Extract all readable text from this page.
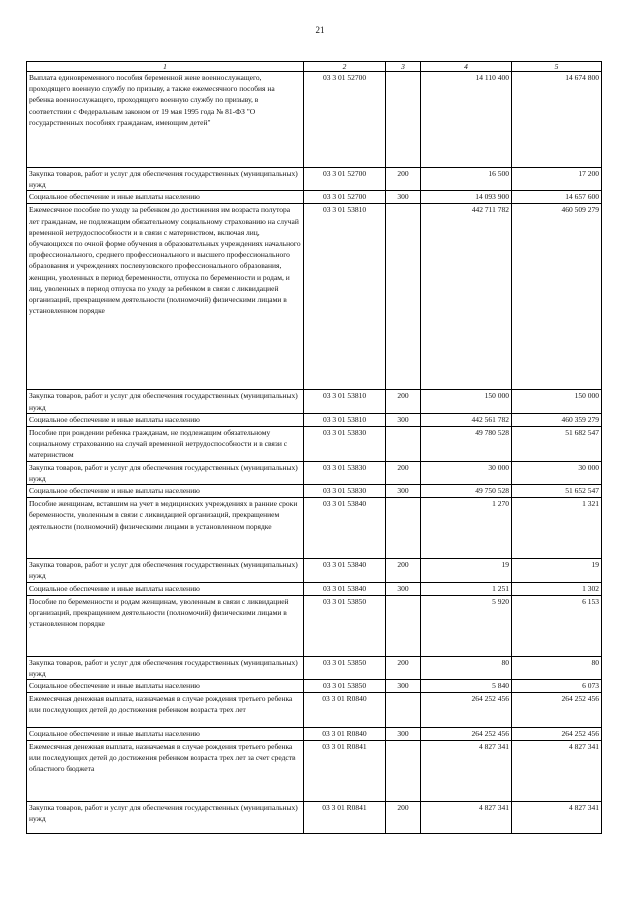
21
1	2	3	4	5
Выплата единовременного пособия беременной жене военнослужащего, проходящего военную службу по призыву, а также ежемесячного пособия на ребенка военнослужащего, проходящего военную службу по призыву, в соответствии с Федеральным законом от 19 мая 1995 года № 81-ФЗ "О государственных пособиях гражданам, имеющим детей"	03 3 01 52700		14 110 400	14 674 800
Закупка товаров, работ и услуг для обеспечения государственных (муниципальных) нужд	03 3 01 52700	200	16 500	17 200
Социальное обеспечение и иные выплаты населению	03 3 01 52700	300	14 093 900	14 657 600
Ежемесячное пособие по уходу за ребенком до достижения им возраста полутора лет гражданам, не подлежащим обязательному социальному страхованию на случай временной нетрудоспособности и в связи с материнством, включая лиц, обучающихся по очной форме обучения в образовательных учреждениях начального профессионального, среднего профессионального и высшего профессионального образования и учреждениях послевузовского профессионального образования, женщин, уволенных в период беременности, отпуска по беременности и родам, и лиц, уволенных в период отпуска по уходу за ребенком в связи с ликвидацией организаций, прекращением деятельности (полномочий) физическими лицами в установленном порядке	03 3 01 53810		442 711 782	460 509 279
Закупка товаров, работ и услуг для обеспечения государственных (муниципальных) нужд	03 3 01 53810	200	150 000	150 000
Социальное обеспечение и иные выплаты населению	03 3 01 53810	300	442 561 782	460 359 279
Пособие при рождении ребенка гражданам, не подлежащим обязательному социальному страхованию на случай временной нетрудоспособности и в связи с материнством	03 3 01 53830		49 780 528	51 682 547
Закупка товаров, работ и услуг для обеспечения государственных (муниципальных) нужд	03 3 01 53830	200	30 000	30 000
Социальное обеспечение и иные выплаты населению	03 3 01 53830	300	49 750 528	51 652 547
Пособие женщинам, вставшим на учет в медицинских учреждениях в ранние сроки беременности, уволенным в связи с ликвидацией организаций, прекращением деятельности (полномочий) физическими лицами в установленном порядке	03 3 01 53840		1 270	1 321
Закупка товаров, работ и услуг для обеспечения государственных (муниципальных) нужд	03 3 01 53840	200	19	19
Социальное обеспечение и иные выплаты населению	03 3 01 53840	300	1 251	1 302
Пособие по беременности и родам женщинам, уволенным в связи с ликвидацией организаций, прекращением деятельности (полномочий) физическими лицами в установленном порядке	03 3 01 53850		5 920	6 153
Закупка товаров, работ и услуг для обеспечения государственных (муниципальных) нужд	03 3 01 53850	200	80	80
Социальное обеспечение и иные выплаты населению	03 3 01 53850	300	5 840	6 073
Ежемесячная денежная выплата, назначаемая в случае рождения третьего ребенка или последующих детей до достижения ребенком возраста трех лет	03 3 01 R0840		264 252 456	264 252 456
Социальное обеспечение и иные выплаты населению	03 3 01 R0840	300	264 252 456	264 252 456
Ежемесячная денежная выплата, назначаемая в случае рождения третьего ребенка или последующих детей до достижения ребенком возраста трех лет за счет средств областного бюджета	03 3 01 R0841		4 827 341	4 827 341
Закупка товаров, работ и услуг для обеспечения государственных (муниципальных) нужд	03 3 01 R0841	200	4 827 341	4 827 341
